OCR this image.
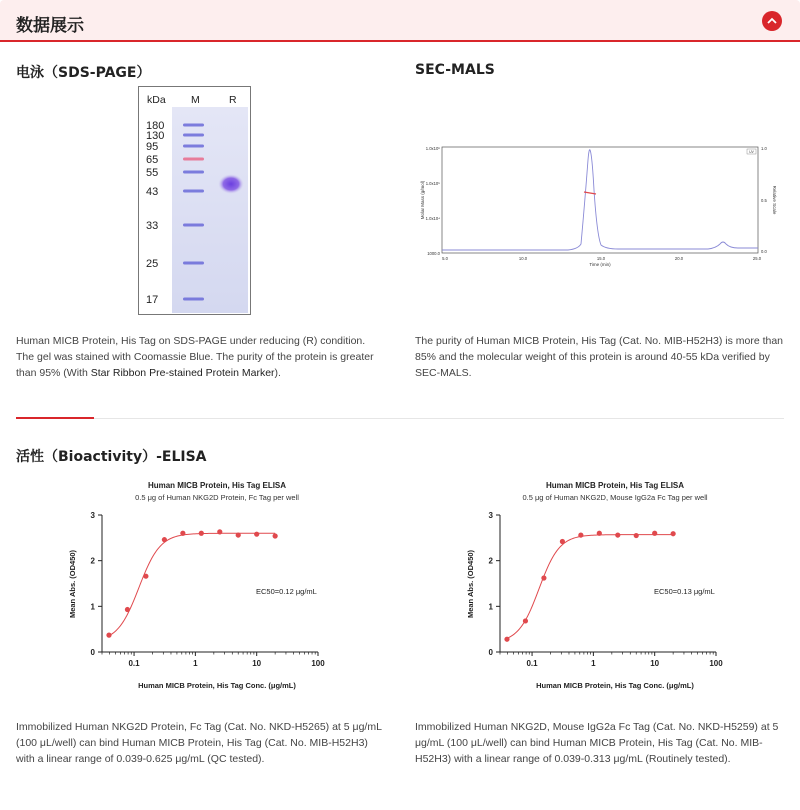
数据展示
电泳（SDS-PAGE）
kDa M	R
180
130
95
65
55
43
33
25
17
Human MICB Protein, His Tag on SDS-PAGE under reducing (R) condition. The gel was stained with Coomassie Blue. The purity of the protein is greater than 95% (With Star Ribbon Pre-stained Protein Marker).
SEC-MALS
Molar Mass (g/mol)	Relative Scale
Time (min)
1.0x10⁶
1.0x10⁵
1.0x10⁴
1000.0
1.0
0.5
0.0
5.0	10.0	15.0	20.0	25.0
UV
The purity of Human MICB Protein, His Tag (Cat. No. MIB-H52H3) is more than 85% and the molecular weight of this protein is around 40-55 kDa verified by SEC-MALS.
活性（Bioactivity）-ELISA
Human MICB Protein, His Tag ELISA
0.5 μg of Human NKG2D Protein, Fc Tag per well
Human MICB Protein, His Tag Conc. (μg/mL)
Mean Abs. (OD450)	EC50=0.12 μg/mL
0
1
2
3
0.1	1	10	100
Human MICB Protein, His Tag ELISA
0.5 μg of Human NKG2D, Mouse IgG2a Fc Tag per well
Human MICB Protein, His Tag Conc. (μg/mL)
Mean Abs. (OD450)	EC50=0.13 μg/mL
0
1
2
3
0.1	1	10	100
Immobilized Human NKG2D Protein, Fc Tag (Cat. No. NKD-H5265) at 5 μg/mL (100 μL/well) can bind Human MICB Protein, His Tag (Cat. No. MIB-H52H3) with a linear range of 0.039-0.625 μg/mL (QC tested).
Immobilized Human NKG2D, Mouse IgG2a Fc Tag (Cat. No. NKD-H5259) at 5 μg/mL (100 μL/well) can bind Human MICB Protein, His Tag (Cat. No. MIB-H52H3) with a linear range of 0.039-0.313 μg/mL (Routinely tested).
